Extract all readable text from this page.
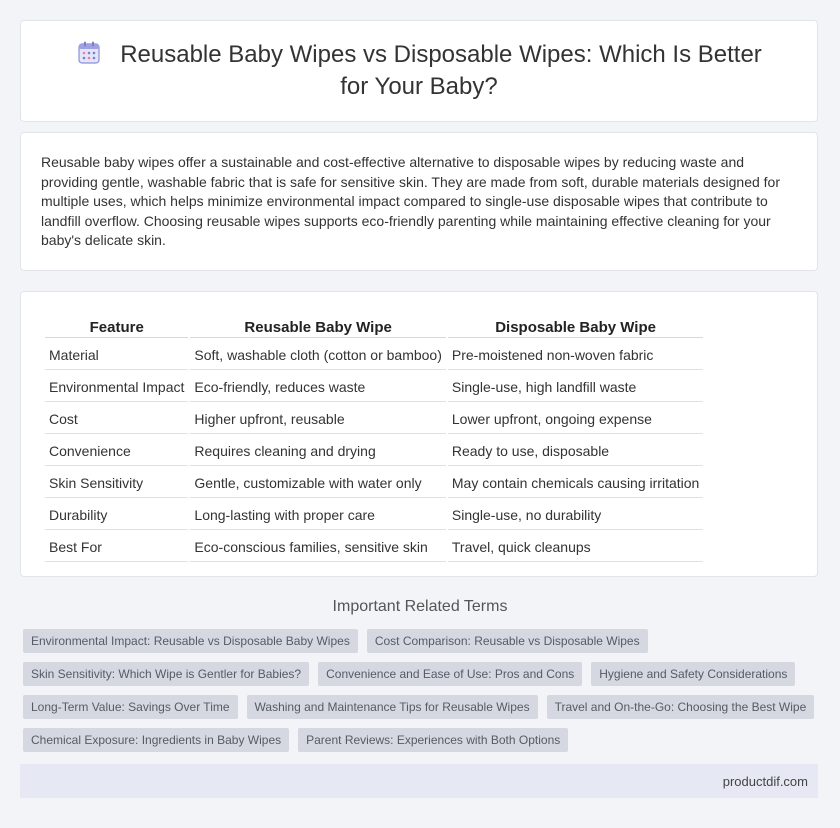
Reusable Baby Wipes vs Disposable Wipes: Which Is Better for Your Baby?

Reusable baby wipes offer a sustainable and cost-effective alternative to disposable wipes by reducing waste and providing gentle, washable fabric that is safe for sensitive skin. They are made from soft, durable materials designed for multiple uses, which helps minimize environmental impact compared to single-use disposable wipes that contribute to landfill overflow. Choosing reusable wipes supports eco-friendly parenting while maintaining effective cleaning for your baby's delicate skin.

Feature	Reusable Baby Wipe	Disposable Baby Wipe
Material	Soft, washable cloth (cotton or bamboo)	Pre-moistened non-woven fabric
Environmental Impact	Eco-friendly, reduces waste	Single-use, high landfill waste
Cost	Higher upfront, reusable	Lower upfront, ongoing expense
Convenience	Requires cleaning and drying	Ready to use, disposable
Skin Sensitivity	Gentle, customizable with water only	May contain chemicals causing irritation
Durability	Long-lasting with proper care	Single-use, no durability
Best For	Eco-conscious families, sensitive skin	Travel, quick cleanups
Important Related Terms
Environmental Impact: Reusable vs Disposable Baby Wipes	Cost Comparison: Reusable vs Disposable Wipes
Skin Sensitivity: Which Wipe is Gentler for Babies?	Convenience and Ease of Use: Pros and Cons	Hygiene and Safety Considerations
Long-Term Value: Savings Over Time	Washing and Maintenance Tips for Reusable Wipes	Travel and On-the-Go: Choosing the Best Wipe
Chemical Exposure: Ingredients in Baby Wipes	Parent Reviews: Experiences with Both Options
productdif.com
